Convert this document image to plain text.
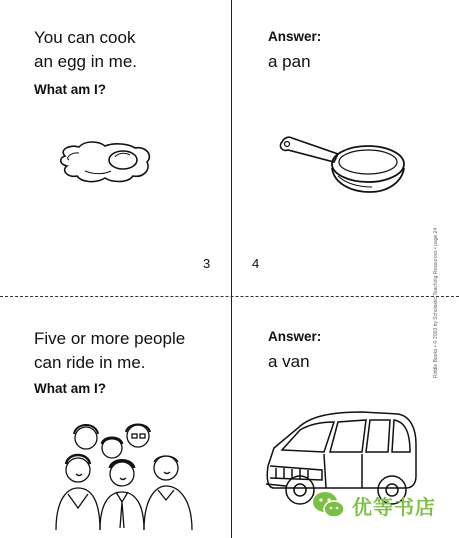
You can cook
an egg in me.
What am I?
3
Answer:
a pan
4
Five or more people
can ride in me.
What am I?
Answer:
a van	Riddle Books • © 2003 by Scholastic Teaching Resources • page 24
优等书店
